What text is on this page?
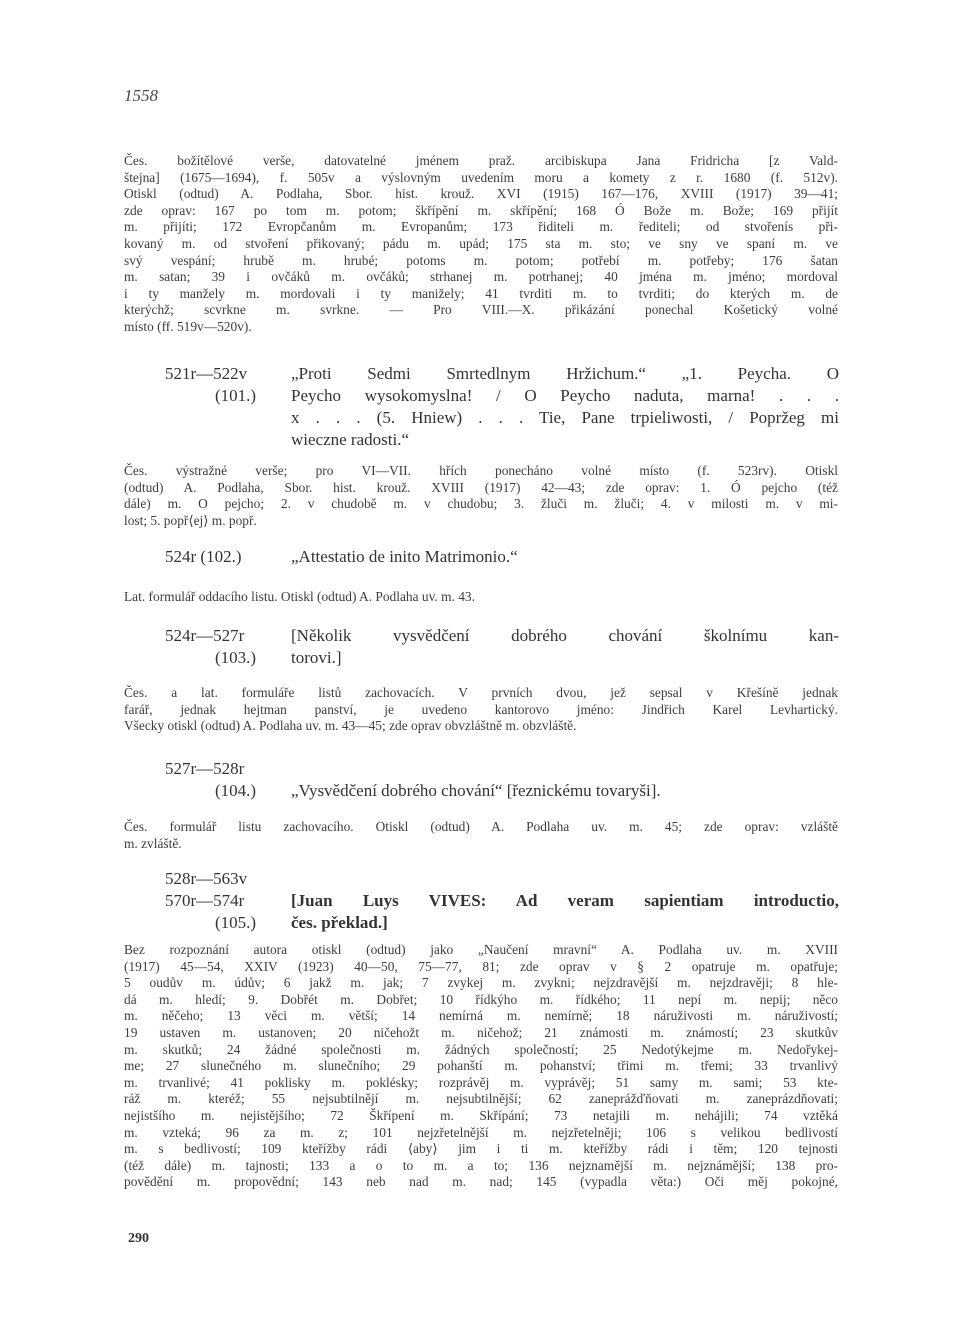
1558
Čes. božítělové verše, datovatelné jménem praž. arcibiskupa Jana Fridricha [z Vald-
štejna] (1675—1694), f. 505v a výslovným uvedením moru a komety z r. 1680 (f. 512v).
Otiskl (odtud) A. Podlaha, Sbor. hist. krouž. XVI (1915) 167—176, XVIII (1917) 39—41;
zde oprav: 167 po tom m. potom; škřípění m. skřípění; 168 Ó Bože m. Bože; 169 přijít
m. přijíti; 172 Evropčanům m. Evropanům; 173 řiditeli m. řediteli; od stvořenís při-
kovaný m. od stvoření přikovaný; pádu m. upád; 175 sta m. sto; ve sny ve spaní m. ve
svý vespání; hrubě m. hrubé; potoms m. potom; potřebí m. potřeby; 176 šatan
m. satan; 39 i ovčáků m. ovčáků; strhanej m. potrhanej; 40 jména m. jméno; mordoval
i ty manžely m. mordovali i ty manižely; 41 tvrditi m. to tvrditi; do kterých m. de
kterýchž; scvrkne m. svrkne. — Pro VIII.—X. přikázání ponechal Košetický volné
místo (ff. 519v—520v).
521r—522v
(101.)
„Proti Sedmi Smrtedlnym Hržichum.“ „1. Peycha. O
Peycho wysokomyslna! / O Peycho naduta, marna! . . .
x . . . (5. Hniew) . . . Tie, Pane trpieliwosti, / Popržeg mi
wieczne radosti.“
Čes. výstražné verše; pro VI—VII. hřích ponecháno volné místo (f. 523rv). Otiskl
(odtud) A. Podlaha, Sbor. hist. krouž. XVIII (1917) 42—43; zde oprav: 1. Ó pejcho (též
dále) m. O pejcho; 2. v chudobě m. v chudobu; 3. žluči m. žluči; 4. v milosti m. v mi-
lost; 5. popř⟨ej⟩ m. popř.
524r (102.)	„Attestatio de inito Matrimonio.“
Lat. formulář oddacího listu. Otiskl (odtud) A. Podlaha uv. m. 43.
524r—527r
(103.)
[Několik vysvědčení dobrého chování školnímu kan-
torovi.]
Čes. a lat. formuláře listů zachovacích. V prvních dvou, jež sepsal v Křešíně jednak
farář, jednak hejtman panství, je uvedeno kantorovo jméno: Jindřich Karel Levhartický.
Všecky otiskl (odtud) A. Podlaha uv. m. 43—45; zde oprav obvzláštně m. obzvláště.
527r—528r
(104.)	„Vysvědčení dobrého chování“ [řeznickému tovaryši].
Čes. formulář listu zachovacího. Otiskl (odtud) A. Podlaha uv. m. 45; zde oprav: vzláště
m. zvláště.
528r—563v
570r—574r
(105.)
[Juan Luys VIVES: Ad veram sapientiam introductio,
čes. překlad.]
Bez rozpoznání autora otiskl (odtud) jako „Naučení mravní“ A. Podlaha uv. m. XVIII
(1917) 45—54, XXIV (1923) 40—50, 75—77, 81; zde oprav v § 2 opatruje m. opatřuje;
5 oudův m. údův; 6 jakž m. jak; 7 zvykej m. zvykni; nejzdravější m. nejzdravěji; 8 hle-
dá m. hledí; 9. Dobřét m. Dobřet; 10 řídkýho m. řídkého; 11 nepí m. nepij; něco
m. něčeho; 13 věci m. větší; 14 nemírná m. nemírně; 18 náruživosti m. náruživostí;
19 ustaven m. ustanoven; 20 ničehožt m. ničehož; 21 známosti m. známostí; 23 skutkův
m. skutků; 24 žádné společnosti m. žádných společností; 25 Nedotýkejme m. Nedořykej-
me; 27 slunečného m. slunečního; 29 pohanští m. pohanství; třimi m. třemi; 33 trvanlivý
m. trvanlivé; 41 poklisky m. poklésky; rozprávěj m. vyprávěj; 51 samy m. sami; 53 kte-
ráž m. kteréž; 55 nejsubtilnějí m. nejsubtilnější; 62 zaneprážďňovati m. zaneprázdňovati;
nejistšího m. nejistějšího; 72 Škřípení m. Skřípání; 73 netajili m. nehájili; 74 vztěká
m. vzteká; 96 za m. z; 101 nejzřetelnější m. nejzřetelněji; 106 s velikou bedlivostí
m. s bedlivostí; 109 kteřížby rádi ⟨aby⟩ jim i ti m. kteřížby rádi i těm; 120 tejnosti
(též dále) m. tajnosti; 133 a o to m. a to; 136 nejznamější m. nejznámější; 138 pro-
povědění m. propovědní; 143 neb nad m. nad; 145 (vypadla věta:) Oči měj pokojné,
290
